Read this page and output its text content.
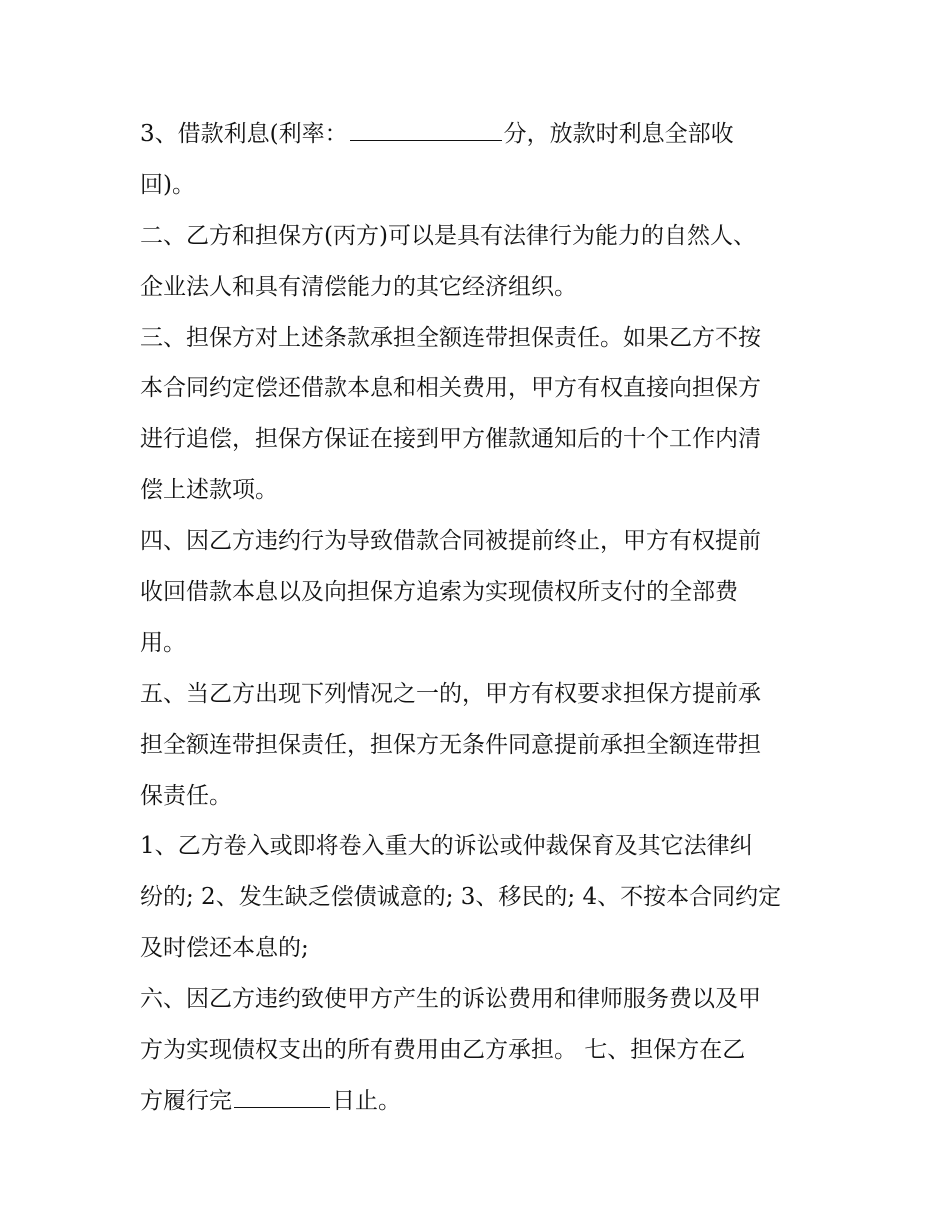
3、借款利息(利率：	分，放款时利息全部收
回)。
二、乙方和担保方(丙方)可以是具有法律行为能力的自然人、
企业法人和具有清偿能力的其它经济组织。
三、担保方对上述条款承担全额连带担保责任。如果乙方不按
本合同约定偿还借款本息和相关费用，甲方有权直接向担保方
进行追偿，担保方保证在接到甲方催款通知后的十个工作内清
偿上述款项。
四、因乙方违约行为导致借款合同被提前终止，甲方有权提前
收回借款本息以及向担保方追索为实现债权所支付的全部费
用。
五、当乙方出现下列情况之一的，甲方有权要求担保方提前承
担全额连带担保责任，担保方无条件同意提前承担全额连带担
保责任。
1、乙方卷入或即将卷入重大的诉讼或仲裁保育及其它法律纠
纷的; 2、发生缺乏偿债诚意的; 3、移民的; 4、不按本合同约定
及时偿还本息的;
六、因乙方违约致使甲方产生的诉讼费用和律师服务费以及甲
方为实现债权支出的所有费用由乙方承担。 七、担保方在乙
方履行完	日止。
